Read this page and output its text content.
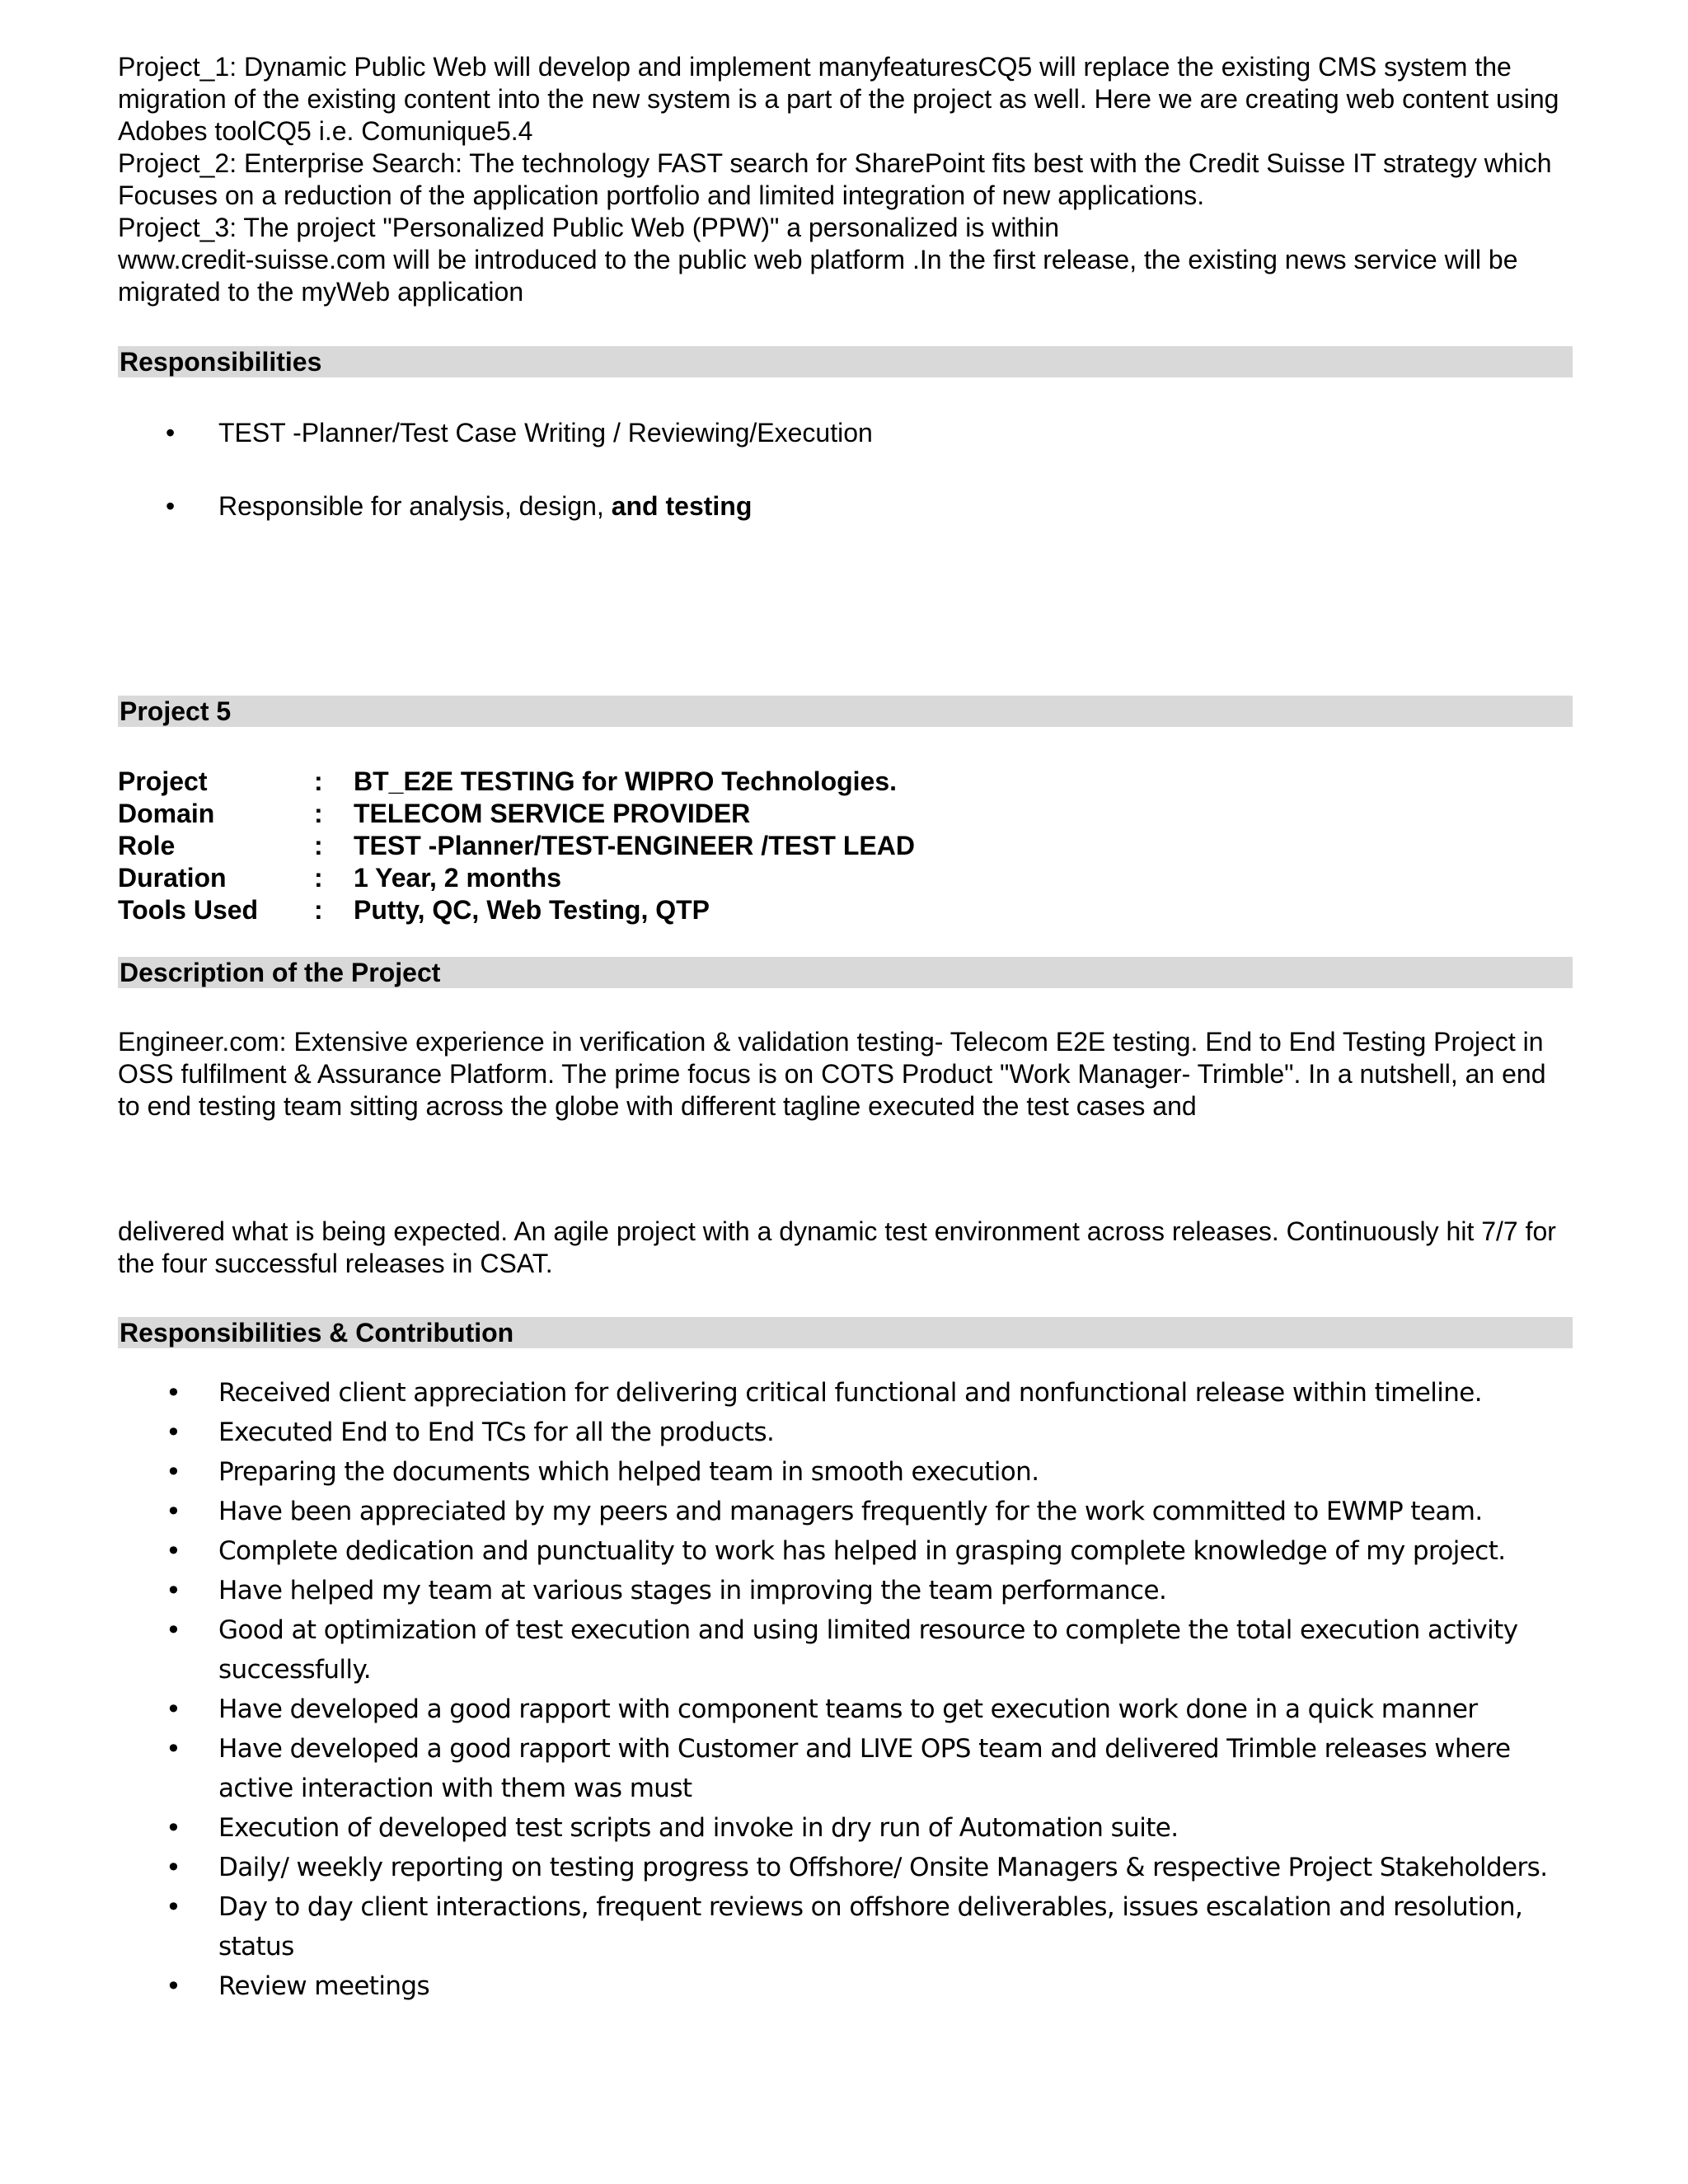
Project_1: Dynamic Public Web will develop and implement manyfeaturesCQ5 will replace the existing CMS system the migration of the existing content into the new system is a part of the project as well. Here we are creating web content using Adobes toolCQ5 i.e. Comunique5.4

Project_2: Enterprise Search: The technology FAST search for SharePoint fits best with the Credit Suisse IT strategy which Focuses on a reduction of the application portfolio and limited integration of new applications.

Project_3: The project "Personalized Public Web (PPW)" a personalized is within

www.credit-suisse.com will be introduced to the public web platform .In the first release, the existing news service will be migrated to the myWeb application

Responsibilities
• TEST -Planner/Test Case Writing / Reviewing/Execution
• Responsible for analysis, design, and testing
Project 5
Project	:	BT_E2E TESTING for WIPRO Technologies.
Domain	:	TELECOM SERVICE PROVIDER
Role	:	TEST -Planner/TEST-ENGINEER /TEST LEAD
Duration	:	1 Year, 2 months
Tools Used	:	Putty, QC, Web Testing, QTP
Description of the Project

Engineer.com: Extensive experience in verification & validation testing- Telecom E2E testing. End to End Testing Project in OSS fulfilment & Assurance Platform. The prime focus is on COTS Product "Work Manager- Trimble". In a nutshell, an end to end testing team sitting across the globe with different tagline executed the test cases and

delivered what is being expected. An agile project with a dynamic test environment across releases. Continuously hit 7/7 for the four successful releases in CSAT.

Responsibilities & Contribution
• Received client appreciation for delivering critical functional and nonfunctional release within timeline.
• Executed End to End TCs for all the products.
• Preparing the documents which helped team in smooth execution.
• Have been appreciated by my peers and managers frequently for the work committed to EWMP team.
• Complete dedication and punctuality to work has helped in grasping complete knowledge of my project.
• Have helped my team at various stages in improving the team performance.
• Good at optimization of test execution and using limited resource to complete the total execution activity successfully.
• Have developed a good rapport with component teams to get execution work done in a quick manner
• Have developed a good rapport with Customer and LIVE OPS team and delivered Trimble releases where active interaction with them was must
• Execution of developed test scripts and invoke in dry run of Automation suite.
• Daily/ weekly reporting on testing progress to Offshore/ Onsite Managers & respective Project Stakeholders.
• Day to day client interactions, frequent reviews on offshore deliverables, issues escalation and resolution, status
• Review meetings
